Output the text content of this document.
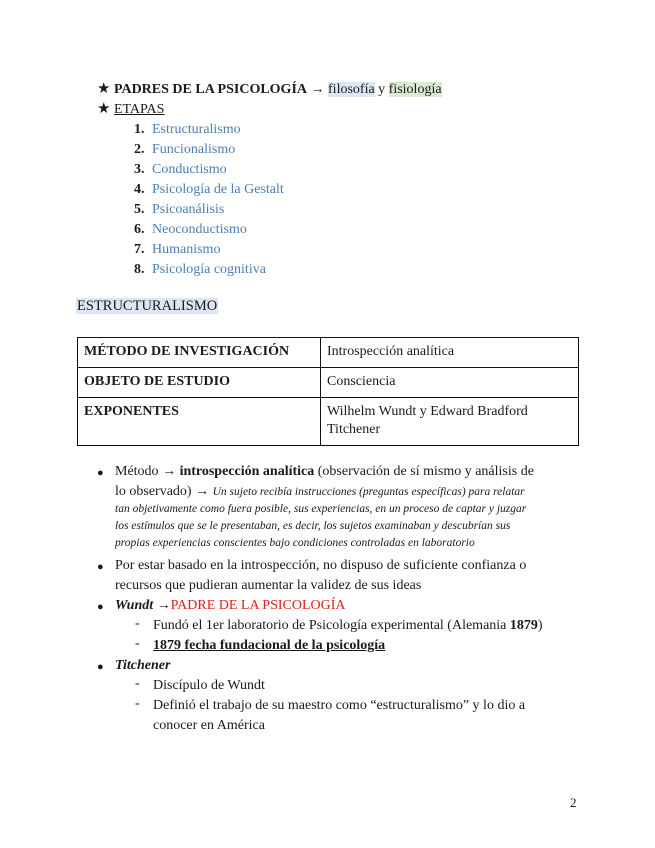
★ PADRES DE LA PSICOLOGÍA → filosofía y fisiología
★ ETAPAS
1. Estructuralismo
2. Funcionalismo
3. Conductismo
4. Psicología de la Gestalt
5. Psicoanálisis
6. Neoconductismo
7. Humanismo
8. Psicología cognitiva
ESTRUCTURALISMO
MÉTODO DE INVESTIGACIÓN	Introspección analítica
OBJETO DE ESTUDIO	Consciencia
EXPONENTES	Wilhelm Wundt y Edward Bradford
Titchener
● Método → introspección analítica (observación de sí mismo y análisis de
lo observado) → Un sujeto recibía instrucciones (preguntas específicas) para relatar
tan objetivamente como fuera posible, sus experiencias, en un proceso de captar y juzgar
los estímulos que se le presentaban, es decir, los sujetos examinaban y descubrían sus
propias experiencias conscientes bajo condiciones controladas en laboratorio
● Por estar basado en la introspección, no dispuso de suficiente confianza o
recursos que pudieran aumentar la validez de sus ideas
● Wundt →PADRE DE LA PSICOLOGÍA
- Fundó el 1er laboratorio de Psicología experimental (Alemania 1879)
- 1879 fecha fundacional de la psicología
● Titchener
- Discípulo de Wundt
- Definió el trabajo de su maestro como “estructuralismo” y lo dio a
conocer en América
2
